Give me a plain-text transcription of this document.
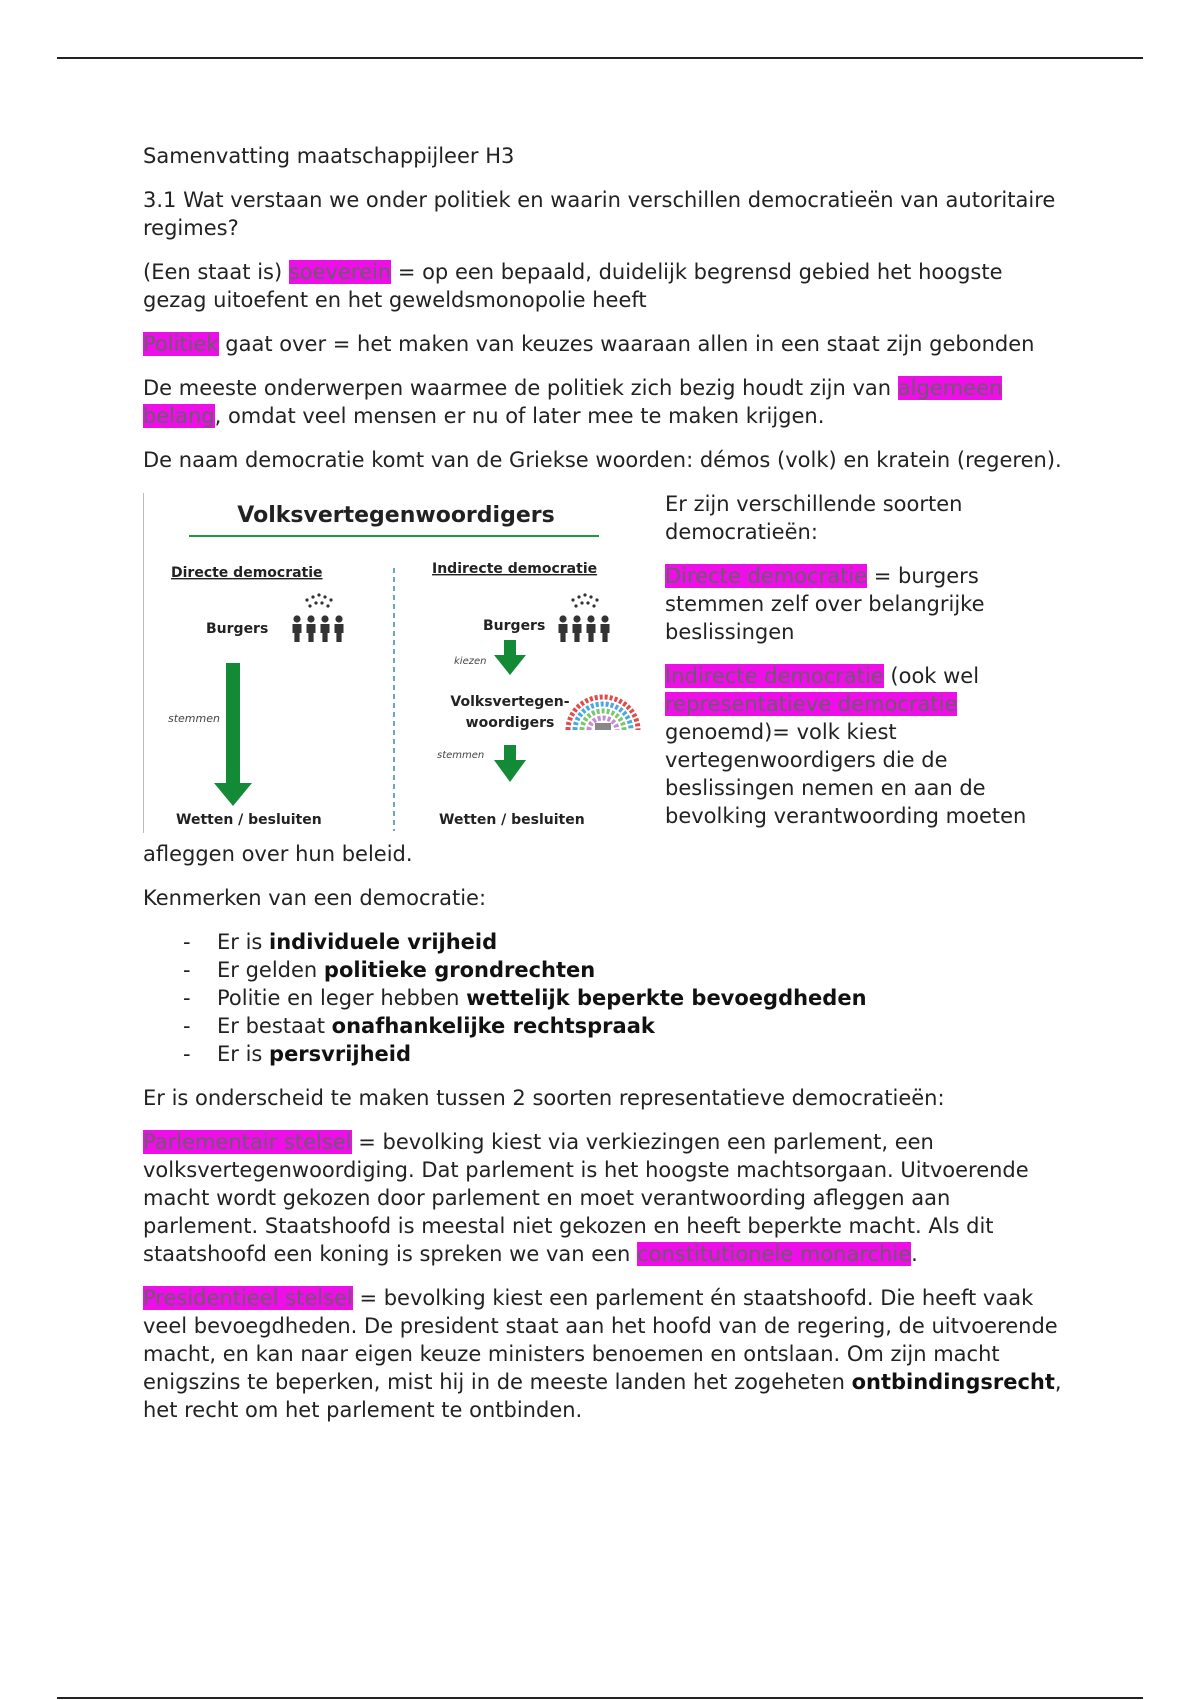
Samenvatting maatschappijleer H3

3.1 Wat verstaan we onder politiek en waarin verschillen democratieën van autoritaire regimes?

(Een staat is) soeverein = op een bepaald, duidelijk begrensd gebied het hoogste gezag uitoefent en het geweldsmonopolie heeft

Politiek gaat over = het maken van keuzes waaraan allen in een staat zijn gebonden

De meeste onderwerpen waarmee de politiek zich bezig houdt zijn van algemeen belang, omdat veel mensen er nu of later mee te maken krijgen.

De naam democratie komt van de Griekse woorden: démos (volk) en kratein (regeren).

Volksvertegenwoordigers
Directe democratie
Burgers
stemmen
Wetten / besluiten
Indirecte democratie
Burgers
kiezen
Volksvertegen-
woordigers
stemmen
Wetten / besluiten

Er zijn verschillende soorten democratieën:

Directe democratie = burgers stemmen zelf over belangrijke beslissingen

Indirecte democratie (ook wel representatieve democratie genoemd)= volk kiest vertegenwoordigers die de beslissingen nemen en aan de bevolking verantwoording moeten

afleggen over hun beleid.

Kenmerken van een democratie:

- Er is individuele vrijheid
- Er gelden politieke grondrechten
- Politie en leger hebben wettelijk beperkte bevoegdheden
- Er bestaat onafhankelijke rechtspraak
- Er is persvrijheid

Er is onderscheid te maken tussen 2 soorten representatieve democratieën:

Parlementair stelsel = bevolking kiest via verkiezingen een parlement, een volksvertegenwoordiging. Dat parlement is het hoogste machtsorgaan. Uitvoerende macht wordt gekozen door parlement en moet verantwoording afleggen aan parlement. Staatshoofd is meestal niet gekozen en heeft beperkte macht. Als dit staatshoofd een koning is spreken we van een constitutionele monarchie.

Presidentieel stelsel = bevolking kiest een parlement én staatshoofd. Die heeft vaak veel bevoegdheden. De president staat aan het hoofd van de regering, de uitvoerende macht, en kan naar eigen keuze ministers benoemen en ontslaan. Om zijn macht enigszins te beperken, mist hij in de meeste landen het zogeheten ontbindingsrecht, het recht om het parlement te ontbinden.
